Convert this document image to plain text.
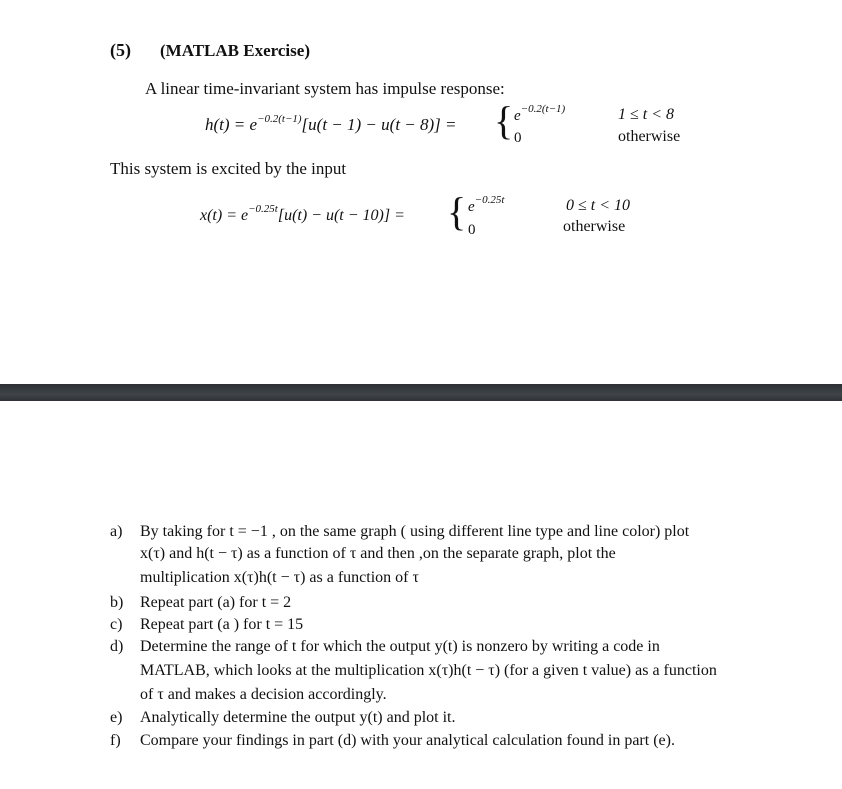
(5) (MATLAB Exercise)
A linear time-invariant system has impulse response:
$h(t) = e^{-0.2(t-1)}[u(t - 1) - u(t - 8)]$ = { $e^{-0.2(t-1)}$
0
1 ≤ t < 8
otherwise
This system is excited by the input
$x(t) = e^{-0.25t}[u(t) - u(t - 10)]$ = { $e^{-0.25t}$
0
0 ≤ t < 10
otherwise
a) By taking for t = −1 , on the same graph ( using different line type and line color) plot
x(τ) and h(t − τ) as a function of τ and then ,on the separate graph, plot the
multiplication x(τ)h(t − τ) as a function of τ
b) Repeat part (a) for t = 2
c) Repeat part (a ) for t = 15
d) Determine the range of t for which the output y(t) is nonzero by writing a code in
MATLAB, which looks at the multiplication x(τ)h(t − τ) (for a given t value) as a function
of τ and makes a decision accordingly.
e) Analytically determine the output y(t) and plot it.
f) Compare your findings in part (d) with your analytical calculation found in part (e).
